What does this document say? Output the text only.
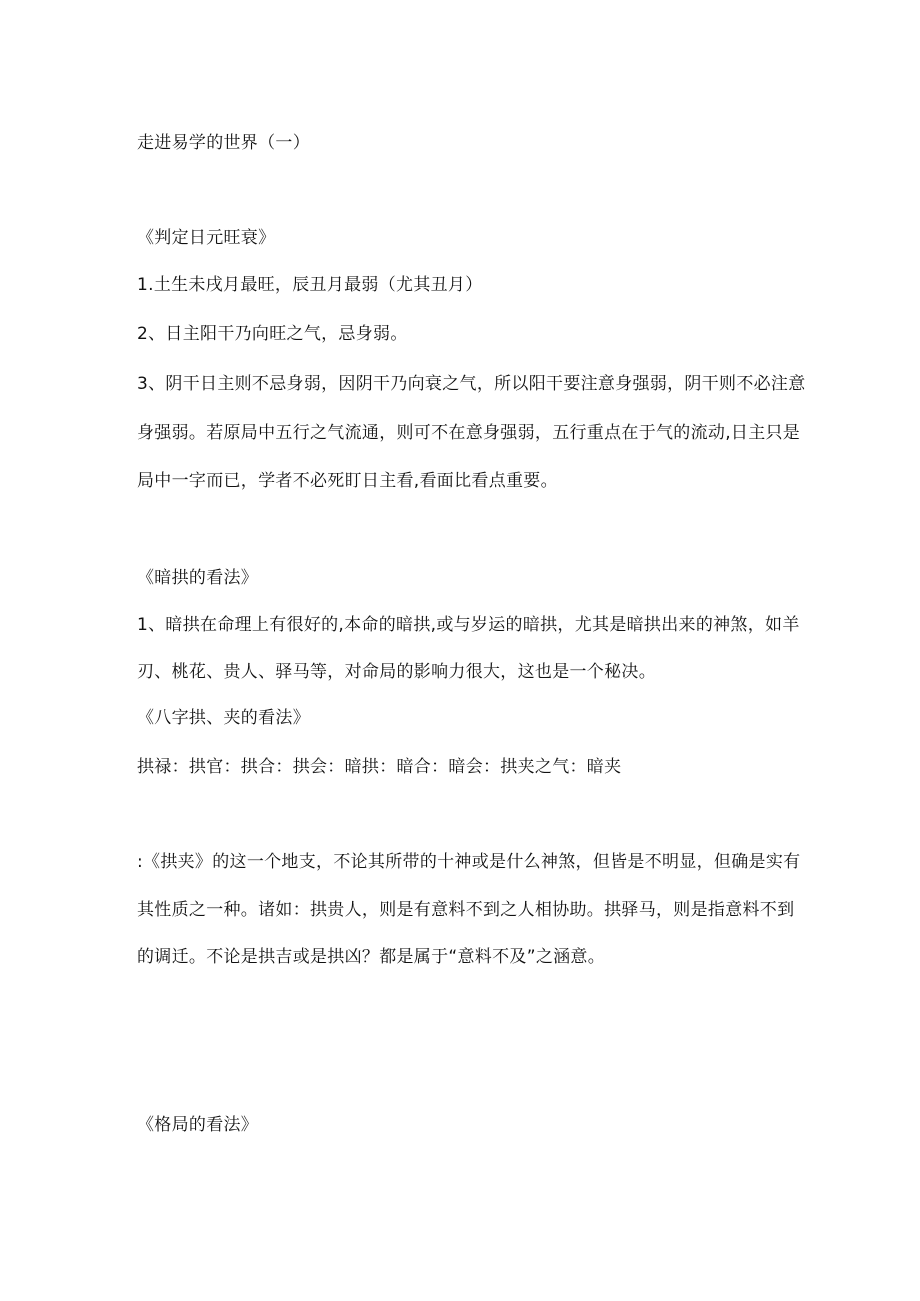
走进易学的世界（一）
《判定日元旺衰》
1.土生未戌月最旺，辰丑月最弱（尤其丑月）
2、日主阳干乃向旺之气，忌身弱。
3、阴干日主则不忌身弱，因阴干乃向衰之气，所以阳干要注意身强弱，阴干则不必注意
身强弱。若原局中五行之气流通，则可不在意身强弱，五行重点在于气的流动,日主只是
局中一字而已，学者不必死盯日主看,看面比看点重要。
《暗拱的看法》
1、暗拱在命理上有很好的,本命的暗拱,或与岁运的暗拱，尤其是暗拱出来的神煞，如羊
刃、桃花、贵人、驿马等，对命局的影响力很大，这也是一个秘决。
《八字拱、夹的看法》
拱禄：拱官：拱合：拱会：暗拱：暗合：暗会：拱夹之气：暗夹
:《拱夹》的这一个地支，不论其所带的十神或是什么神煞，但皆是不明显，但确是实有
其性质之一种。诸如：拱贵人，则是有意料不到之人相协助。拱驿马，则是指意料不到
的调迁。不论是拱吉或是拱凶？都是属于“意料不及”之涵意。
《格局的看法》
